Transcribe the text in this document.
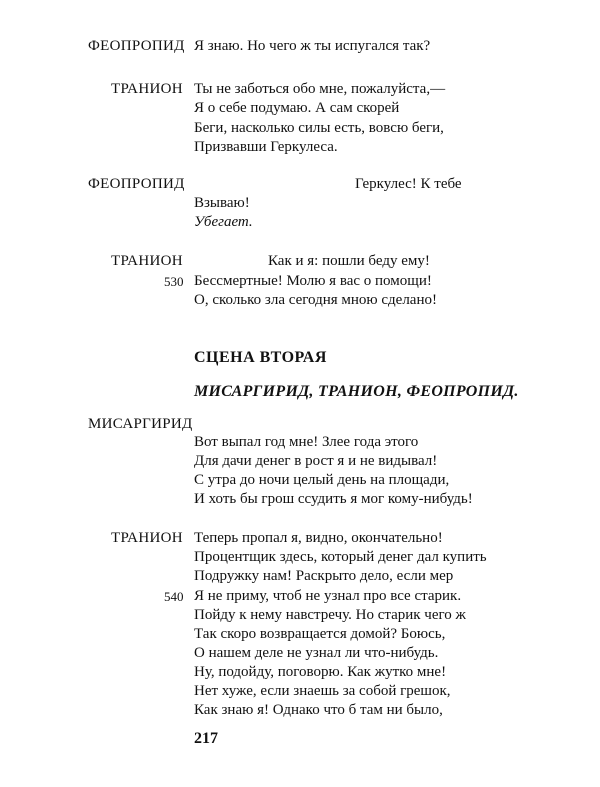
ФЕОПРОПИД Я знаю. Но чего ж ты испугался так?
ТРАНИОН Ты не заботься обо мне, пожалуйста,—
Я о себе подумаю. А сам скорей
Беги, насколько силы есть, вовсю беги,
Призвавши Геркулеса.
ФЕОПРОПИД	Геркулес! К тебе
Взываю!
Убегает.
ТРАНИОН	Как и я: пошли беду ему!
530 Бессмертные! Молю я вас о помощи!
О, сколько зла сегодня мною сделано!
СЦЕНА ВТОРАЯ
МИСАРГИРИД, ТРАНИОН, ФЕОПРОПИД.
МИСАРГИРИД
Вот выпал год мне! Злее года этого
Для дачи денег в рост я и не видывал!
С утра до ночи целый день на площади,
И хоть бы грош ссудить я мог кому-нибудь!
ТРАНИОН Теперь пропал я, видно, окончательно!
Процентщик здесь, который денег дал купить
Подружку нам! Раскрыто дело, если мер
540 Я не приму, чтоб не узнал про все старик.
Пойду к нему навстречу. Но старик чего ж
Так скоро возвращается домой? Боюсь,
О нашем деле не узнал ли что-нибудь.
Ну, подойду, поговорю. Как жутко мне!
Нет хуже, если знаешь за собой грешок,
Как знаю я! Однако что б там ни было,
217
